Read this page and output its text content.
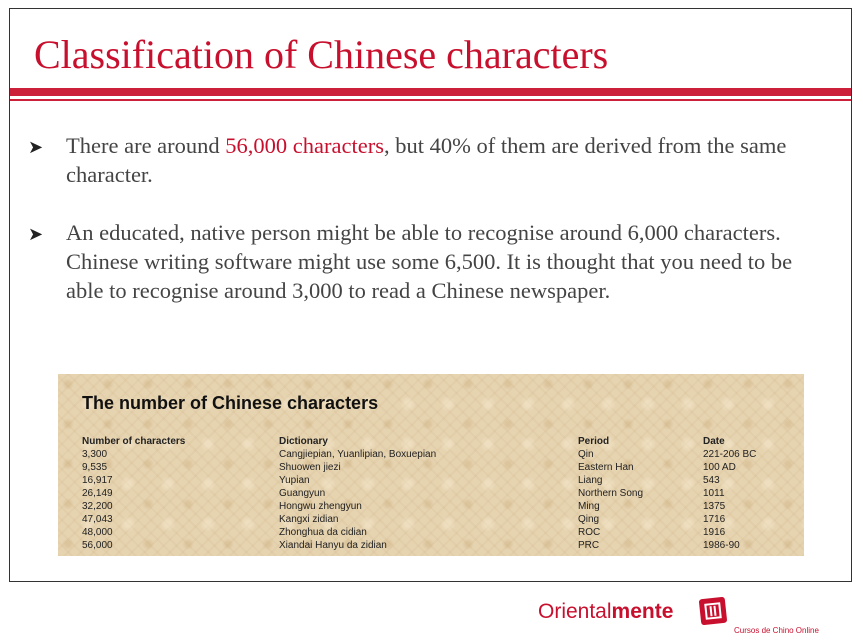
Classification of Chinese characters
➤	There are around 56,000 characters, but 40% of them are derived from the same character.
➤	An educated, native person might be able to recognise around 6,000 characters. Chinese writing software might use some 6,500. It is thought that you need to be able to recognise around 3,000 to read a Chinese newspaper.
The number of Chinese characters
Number of characters	Dictionary	Period	Date
3,300	Cangjiepian, Yuanlipian, Boxuepian	Qin	221-206 BC
9,535	Shuowen jiezi	Eastern Han	100 AD
16,917	Yupian	Liang	543
26,149	Guangyun	Northern Song	1011
32,200	Hongwu zhengyun	Ming	1375
47,043	Kangxi zidian	Qing	1716
48,000	Zhonghua da cidian	ROC	1916
56,000	Xiandai Hanyu da zidian	PRC	1986-90
Orientalmente
Cursos de Chino Online
